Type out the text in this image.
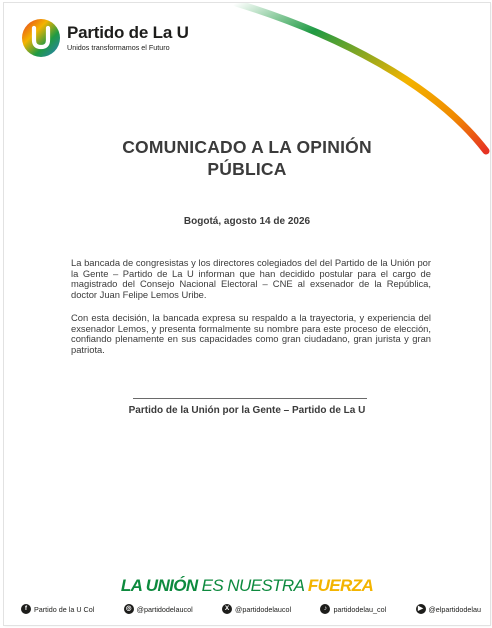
Partido de La U
Unidos transformamos el Futuro
COMUNICADO A LA OPINIÓN
PÚBLICA
Bogotá, agosto 14 de 2026
La bancada de congresistas y los directores colegiados del del Partido de la Unión por la Gente – Partido de La U informan que han decidido postular para el cargo de magistrado del Consejo Nacional Electoral – CNE al exsenador de la República, doctor Juan Felipe Lemos Uribe.
Con esta decisión, la bancada expresa su respaldo a la trayectoria, y experiencia del exsenador Lemos, y presenta formalmente su nombre para este proceso de elección, confiando plenamente en sus capacidades como gran ciudadano, gran jurista y gran patriota.
Partido de la Unión por la Gente – Partido de La U
LA UNIÓN ES NUESTRA FUERZA
f Partido de la U Col	◎ @partidodelaucol	X @partidodelaucol	♪ partidodelau_col	▶ @elpartidodelau
